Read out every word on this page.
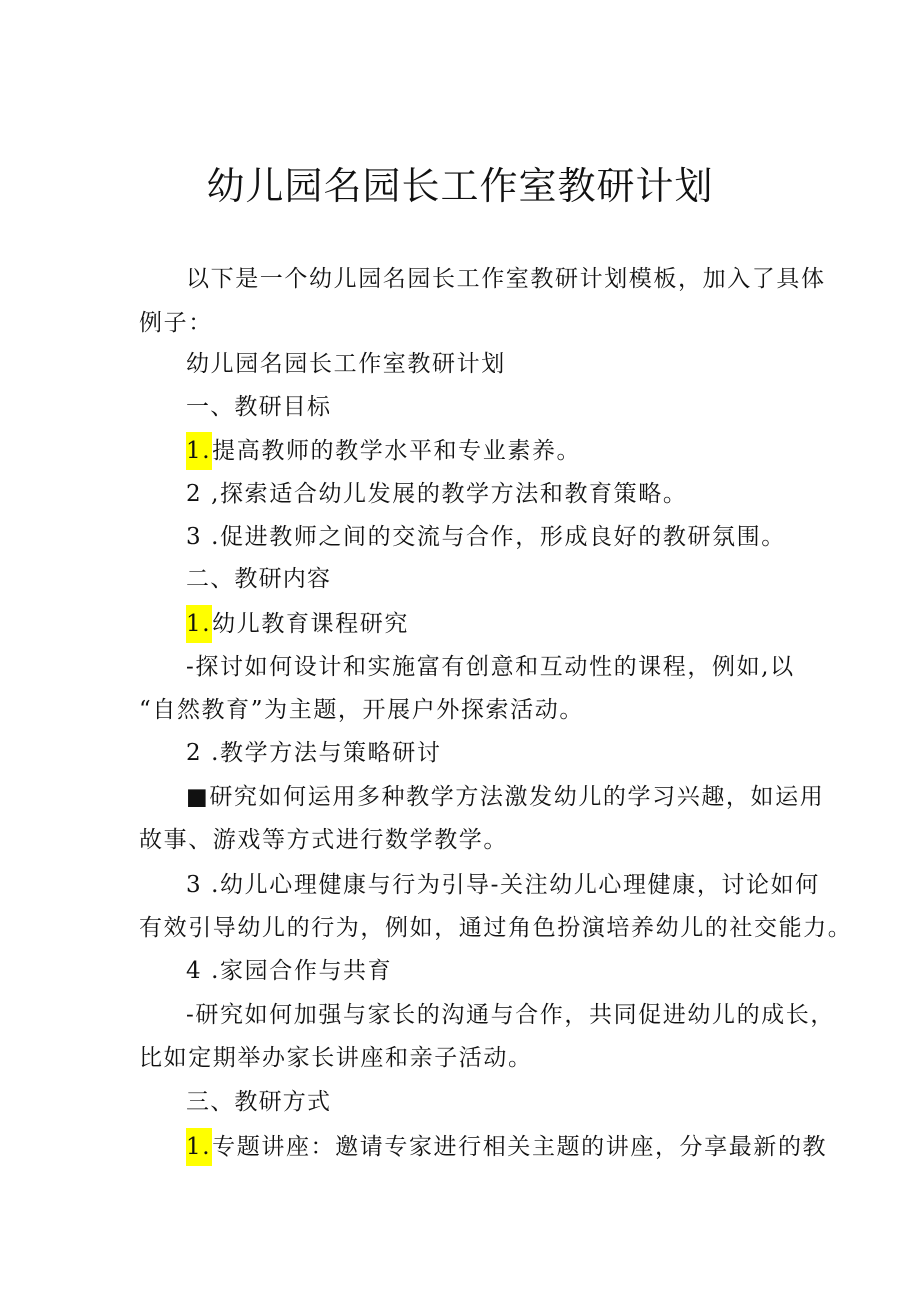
幼儿园名园长工作室教研计划
以下是一个幼儿园名园长工作室教研计划模板，加入了具体
例子：
幼儿园名园长工作室教研计划
一、教研目标
1.提高教师的教学水平和专业素养。
2 ,探索适合幼儿发展的教学方法和教育策略。
3 .促进教师之间的交流与合作，形成良好的教研氛围。
二、教研内容
1.幼儿教育课程研究
-探讨如何设计和实施富有创意和互动性的课程，例如,以
“自然教育”为主题，开展户外探索活动。
2 .教学方法与策略研讨
■研究如何运用多种教学方法激发幼儿的学习兴趣，如运用
故事、游戏等方式进行数学教学。
3 .幼儿心理健康与行为引导-关注幼儿心理健康，讨论如何
有效引导幼儿的行为，例如，通过角色扮演培养幼儿的社交能力。
4 .家园合作与共育
-研究如何加强与家长的沟通与合作，共同促进幼儿的成长，
比如定期举办家长讲座和亲子活动。
三、教研方式
1.专题讲座：邀请专家进行相关主题的讲座，分享最新的教
